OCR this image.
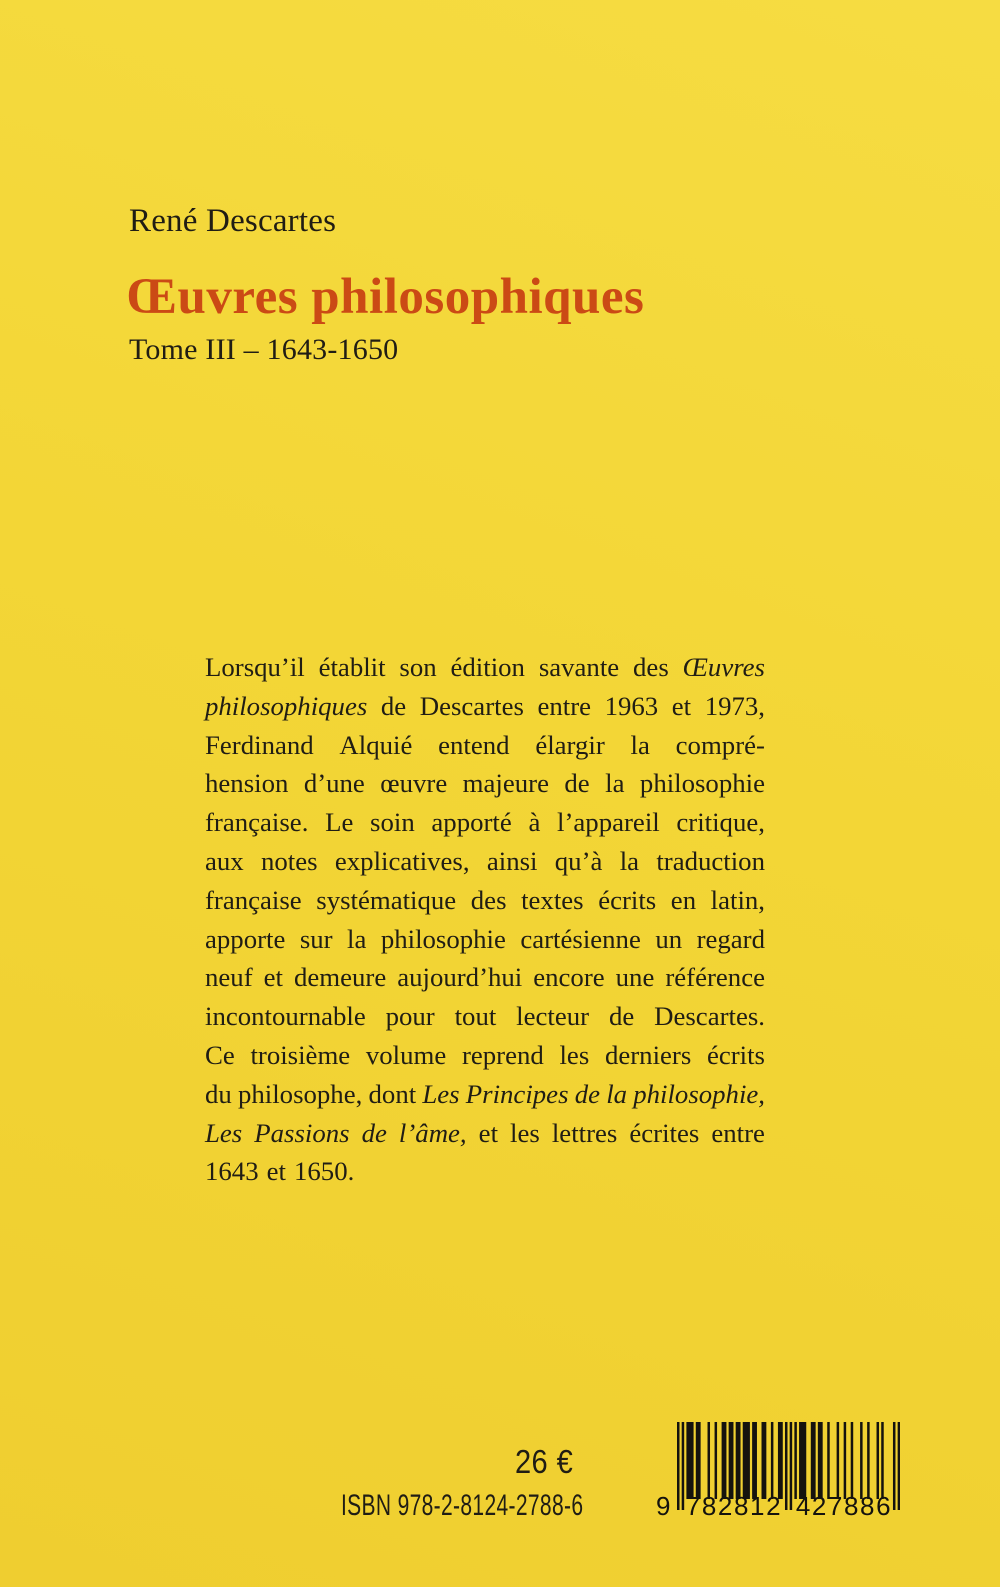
René Descartes
Œuvres philosophiques
Tome III – 1643-1650
Lorsqu’il établit son édition savante des Œuvres
philosophiques de Descartes entre 1963 et 1973,
Ferdinand Alquié entend élargir la compré-
hension d’une œuvre majeure de la philosophie
française. Le soin apporté à l’appareil critique,
aux notes explicatives, ainsi qu’à la traduction
française systématique des textes écrits en latin,
apporte sur la philosophie cartésienne un regard
neuf et demeure aujourd’hui encore une référence
incontournable pour tout lecteur de Descartes.
Ce troisième volume reprend les derniers écrits
du philosophe, dont Les Principes de la philosophie,
Les Passions de l’âme, et les lettres écrites entre
1643 et 1650.
26 €
ISBN 978-2-8124-2788-6	9 782812 427886
